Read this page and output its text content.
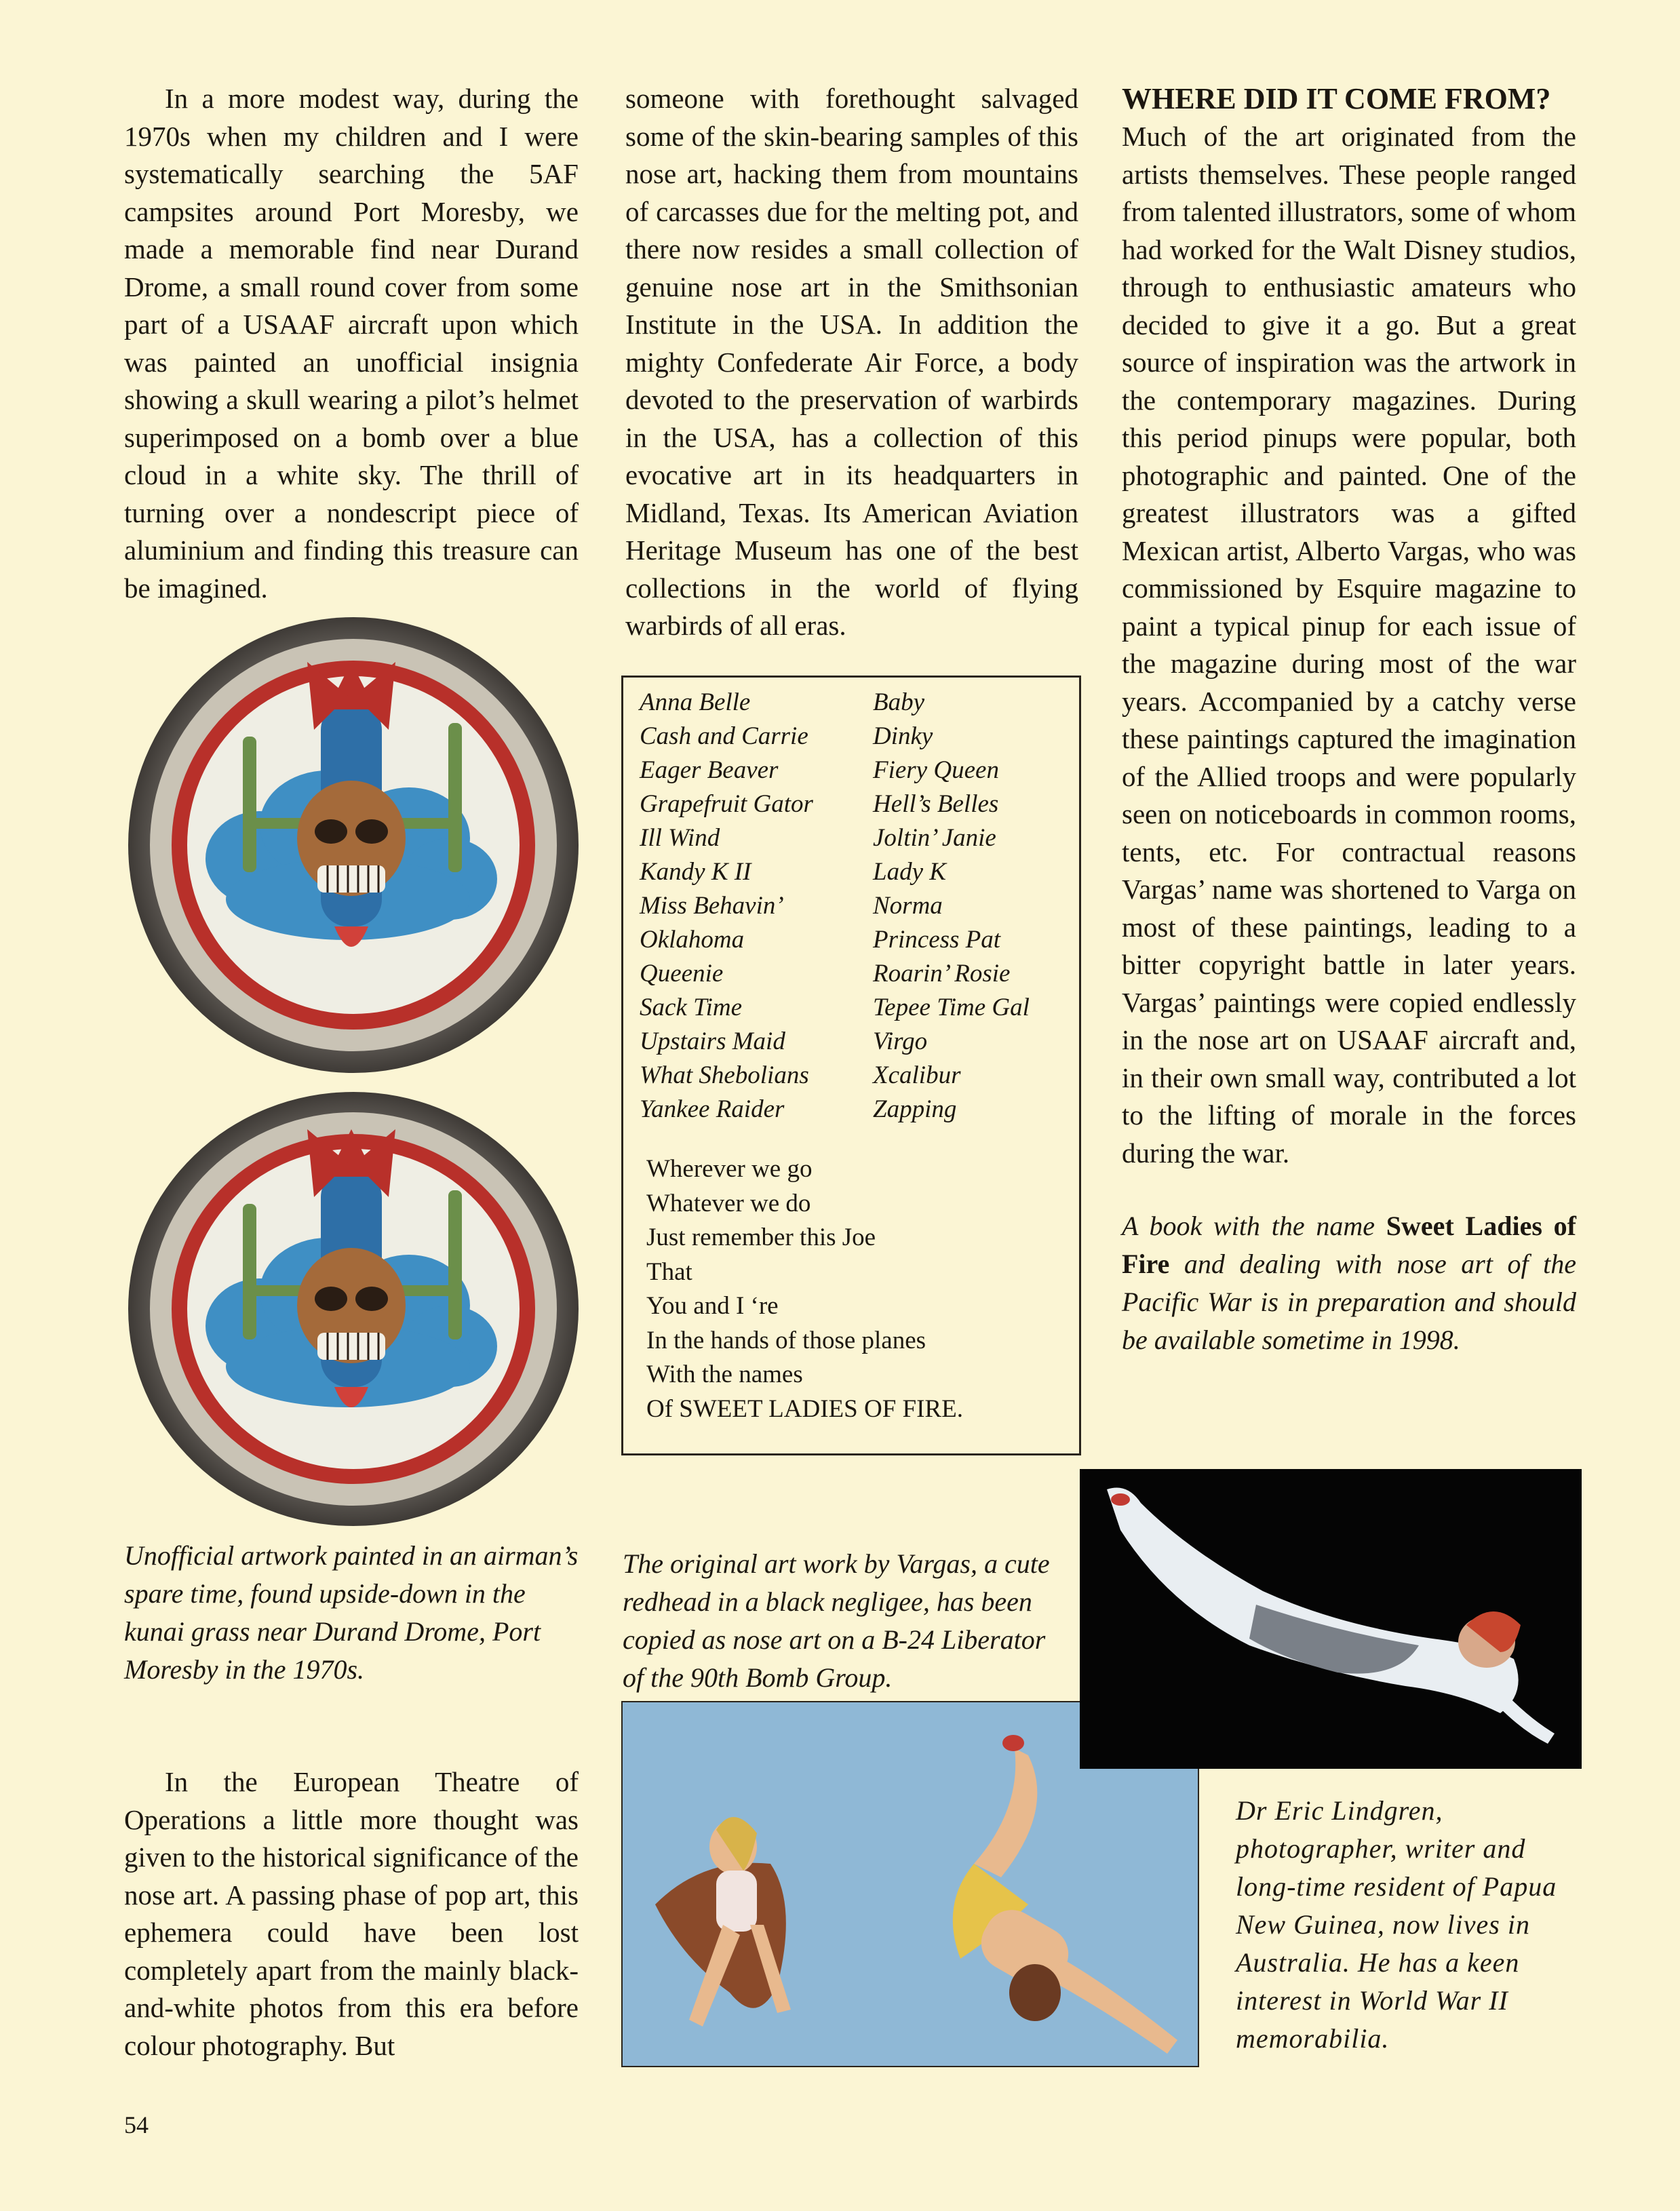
In a more modest way, during the 1970s when my children and I were systematically searching the 5AF campsites around Port Moresby, we made a memorable find near Durand Drome, a small round cover from some part of a USAAF aircraft upon which was painted an unofficial insignia showing a skull wearing a pilot’s helmet superimposed on a bomb over a blue cloud in a white sky. The thrill of turning over a nondescript piece of aluminium and finding this treasure can be imagined.

Unofficial artwork painted in an airman’s spare time, found upside-down in the kunai grass near Durand Drome, Port Moresby in the 1970s.

In the European Theatre of Operations a little more thought was given to the historical significance of the nose art. A passing phase of pop art, this ephemera could have been lost completely apart from the mainly black-and-white photos from this era before colour photography. But

someone with forethought salvaged some of the skin-bearing samples of this nose art, hacking them from mountains of carcasses due for the melting pot, and there now resides a small collection of genuine nose art in the Smithsonian Institute in the USA. In addition the mighty Confederate Air Force, a body devoted to the preservation of warbirds in the USA, has a collection of this evocative art in its headquarters in Midland, Texas. Its American Aviation Heritage Museum has one of the best collections in the world of flying warbirds of all eras.

Anna Belle
Cash and Carrie
Eager Beaver
Grapefruit Gator
Ill Wind
Kandy K II
Miss Behavin’
Oklahoma
Queenie
Sack Time
Upstairs Maid
What Shebolians
Yankee Raider
Baby
Dinky
Fiery Queen
Hell’s Belles
Joltin’ Janie
Lady K
Norma
Princess Pat
Roarin’ Rosie
Tepee Time Gal
Virgo
Xcalibur
Zapping
Wherever we go
Whatever we do
Just remember this Joe
That
You and I ‘re
In the hands of those planes
With the names
Of SWEET LADIES OF FIRE.

The original art work by Vargas, a cute redhead in a black negligee, has been copied as nose art on a B-24 Liberator of the 90th Bomb Group.

WHERE DID IT COME FROM?

Much of the art originated from the artists themselves. These people ranged from talented illustrators, some of whom had worked for the Walt Disney studios, through to enthusiastic amateurs who decided to give it a go. But a great source of inspiration was the artwork in the contemporary magazines. During this period pinups were popular, both photographic and painted. One of the greatest illustrators was a gifted Mexican artist, Alberto Vargas, who was commissioned by Esquire magazine to paint a typical pinup for each issue of the magazine during most of the war years. Accompanied by a catchy verse these paintings captured the imagination of the Allied troops and were popularly seen on noticeboards in common rooms, tents, etc. For contractual reasons Vargas’ name was shortened to Varga on most of these paintings, leading to a bitter copyright battle in later years. Vargas’ paintings were copied endlessly in the nose art on USAAF aircraft and, in their own small way, contributed a lot to the lifting of morale in the forces during the war.

A book with the name Sweet Ladies of Fire and dealing with nose art of the Pacific War is in preparation and should be available sometime in 1998.

Dr Eric Lindgren, photographer, writer and long-time resident of Papua New Guinea, now lives in Australia. He has a keen interest in World War II memorabilia.

54
